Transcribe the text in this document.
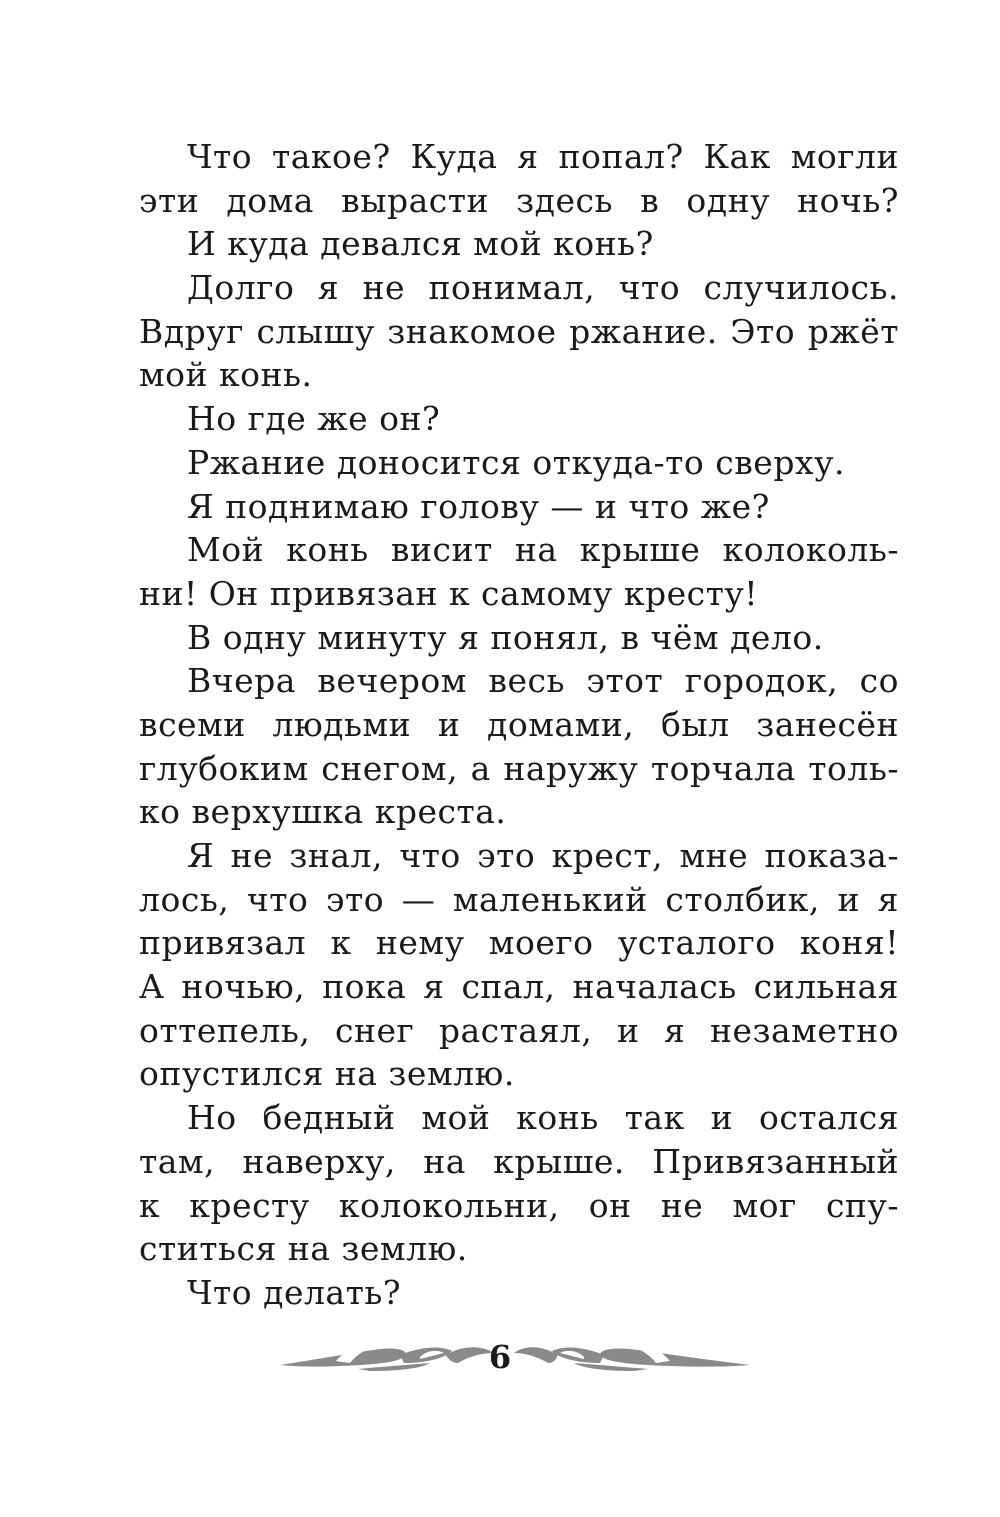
Что такое? Куда я попал? Как могли
эти дома вырасти здесь в одну ночь?
И куда девался мой конь?
Долго я не понимал, что случилось.
Вдруг слышу знакомое ржание. Это ржёт
мой конь.
Но где же он?
Ржание доносится откуда-то сверху.
Я поднимаю голову — и что же?
Мой конь висит на крыше колоколь-
ни! Он привязан к самому кресту!
В одну минуту я понял, в чём дело.
Вчера вечером весь этот городок, со
всеми людьми и домами, был занесён
глубоким снегом, а наружу торчала толь-
ко верхушка креста.
Я не знал, что это крест, мне показа-
лось, что это — маленький столбик, и я
привязал к нему моего усталого коня!
А ночью, пока я спал, началась сильная
оттепель, снег растаял, и я незаметно
опустился на землю.
Но бедный мой конь так и остался
там, наверху, на крыше. Привязанный
к кресту колокольни, он не мог спу-
ститься на землю.
Что делать?
6
